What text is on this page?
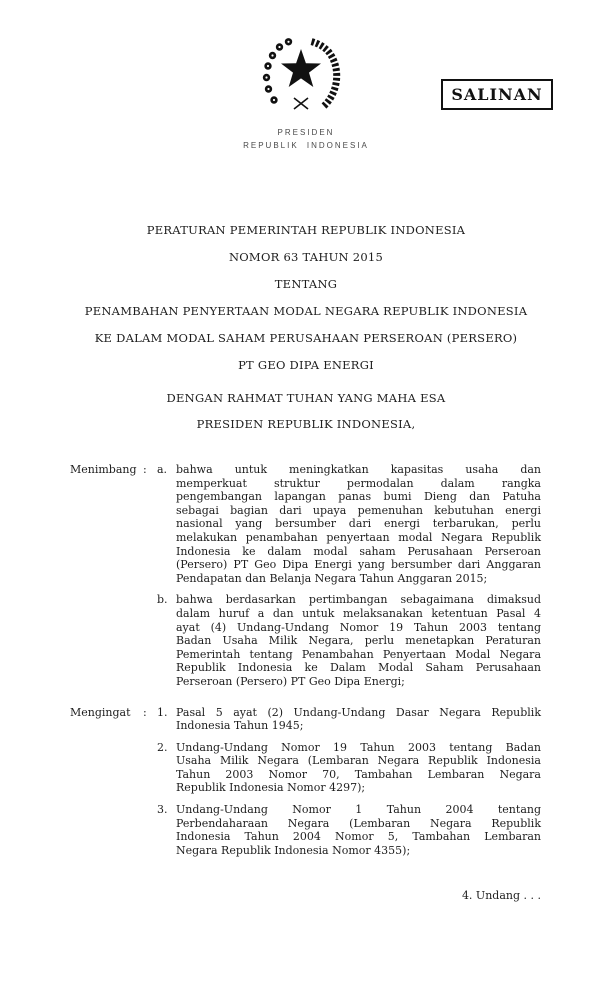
PRESIDEN
REPUBLIK INDONESIA
SALINAN
PERATURAN PEMERINTAH REPUBLIK INDONESIA
NOMOR 63 TAHUN 2015
TENTANG
PENAMBAHAN PENYERTAAN MODAL NEGARA REPUBLIK INDONESIA
KE DALAM MODAL SAHAM PERUSAHAAN PERSEROAN (PERSERO)
PT GEO DIPA ENERGI
DENGAN RAHMAT TUHAN YANG MAHA ESA
PRESIDEN REPUBLIK INDONESIA,
Menimbang : a. bahwa untuk meningkatkan kapasitas usaha dan
memperkuat struktur permodalan dalam rangka
pengembangan lapangan panas bumi Dieng dan Patuha
sebagai bagian dari upaya pemenuhan kebutuhan energi
nasional yang bersumber dari energi terbarukan, perlu
melakukan penambahan penyertaan modal Negara Republik
Indonesia ke dalam modal saham Perusahaan Perseroan
(Persero) PT Geo Dipa Energi yang bersumber dari Anggaran
Pendapatan dan Belanja Negara Tahun Anggaran 2015;
b. bahwa berdasarkan pertimbangan sebagaimana dimaksud
dalam huruf a dan untuk melaksanakan ketentuan Pasal 4
ayat (4) Undang-Undang Nomor 19 Tahun 2003 tentang
Badan Usaha Milik Negara, perlu menetapkan Peraturan
Pemerintah tentang Penambahan Penyertaan Modal Negara
Republik Indonesia ke Dalam Modal Saham Perusahaan
Perseroan (Persero) PT Geo Dipa Energi;
Mengingat	: 1. Pasal 5 ayat (2) Undang-Undang Dasar Negara Republik
Indonesia Tahun 1945;
2. Undang-Undang Nomor 19 Tahun 2003 tentang Badan
Usaha Milik Negara (Lembaran Negara Republik Indonesia
Tahun 2003 Nomor 70, Tambahan Lembaran Negara
Republik Indonesia Nomor 4297);
3. Undang-Undang Nomor 1 Tahun 2004 tentang
Perbendaharaan Negara (Lembaran Negara Republik
Indonesia Tahun 2004 Nomor 5, Tambahan Lembaran
Negara Republik Indonesia Nomor 4355);
4. Undang . . .
